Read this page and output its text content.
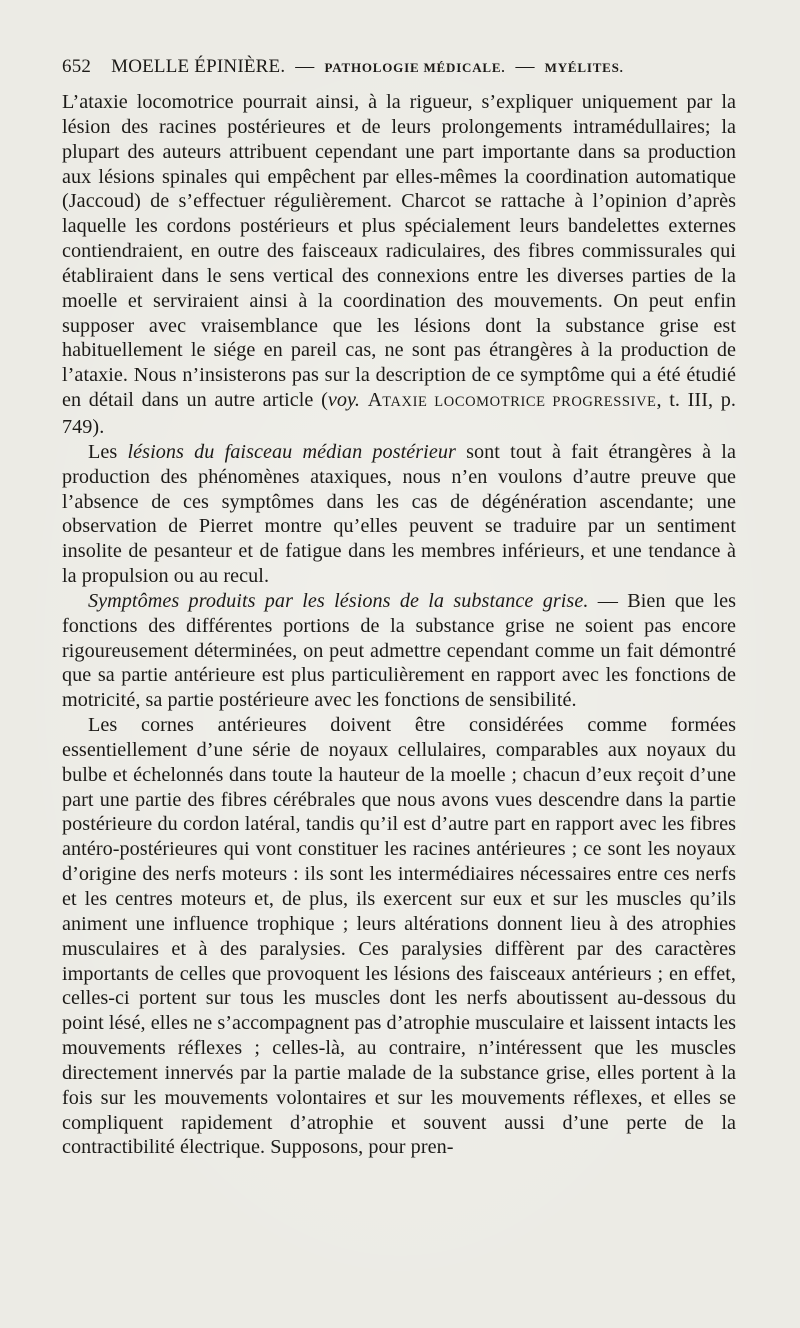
652 MOELLE ÉPINIÈRE. — PATHOLOGIE MÉDICALE. — MYÉLITES.

L’ataxie locomotrice pourrait ainsi, à la rigueur, s’expliquer uniquement par la lésion des racines postérieures et de leurs prolongements intramédullaires; la plupart des auteurs attribuent cependant une part importante dans sa production aux lésions spinales qui empêchent par elles-mêmes la coordination automatique (Jaccoud) de s’effectuer régulièrement. Charcot se rattache à l’opinion d’après laquelle les cordons postérieurs et plus spécialement leurs bandelettes externes contiendraient, en outre des faisceaux radiculaires, des fibres commissurales qui établiraient dans le sens vertical des connexions entre les diverses parties de la moelle et serviraient ainsi à la coordination des mouvements. On peut enfin supposer avec vraisemblance que les lésions dont la substance grise est habituellement le siége en pareil cas, ne sont pas étrangères à la production de l’ataxie. Nous n’insisterons pas sur la description de ce symptôme qui a été étudié en détail dans un autre article (voy. ATAXIE LOCOMOTRICE PROGRESSIVE, t. III, p. 749).

Les lésions du faisceau médian postérieur sont tout à fait étrangères à la production des phénomènes ataxiques, nous n’en voulons d’autre preuve que l’absence de ces symptômes dans les cas de dégénération ascendante; une observation de Pierret montre qu’elles peuvent se traduire par un sentiment insolite de pesanteur et de fatigue dans les membres inférieurs, et une tendance à la propulsion ou au recul.

Symptômes produits par les lésions de la substance grise. — Bien que les fonctions des différentes portions de la substance grise ne soient pas encore rigoureusement déterminées, on peut admettre cependant comme un fait démontré que sa partie antérieure est plus particulièrement en rapport avec les fonctions de motricité, sa partie postérieure avec les fonctions de sensibilité.

Les cornes antérieures doivent être considérées comme formées essentiellement d’une série de noyaux cellulaires, comparables aux noyaux du bulbe et échelonnés dans toute la hauteur de la moelle ; chacun d’eux reçoit d’une part une partie des fibres cérébrales que nous avons vues descendre dans la partie postérieure du cordon latéral, tandis qu’il est d’autre part en rapport avec les fibres antéro-postérieures qui vont constituer les racines antérieures ; ce sont les noyaux d’origine des nerfs moteurs : ils sont les intermédiaires nécessaires entre ces nerfs et les centres moteurs et, de plus, ils exercent sur eux et sur les muscles qu’ils animent une influence trophique ; leurs altérations donnent lieu à des atrophies musculaires et à des paralysies. Ces paralysies diffèrent par des caractères importants de celles que provoquent les lésions des faisceaux antérieurs ; en effet, celles-ci portent sur tous les muscles dont les nerfs aboutissent au-dessous du point lésé, elles ne s’accompagnent pas d’atrophie musculaire et laissent intacts les mouvements réflexes ; celles-là, au contraire, n’intéressent que les muscles directement innervés par la partie malade de la substance grise, elles portent à la fois sur les mouvements volontaires et sur les mouvements réflexes, et elles se compliquent rapidement d’atrophie et souvent aussi d’une perte de la contractibilité électrique. Supposons, pour pren-
